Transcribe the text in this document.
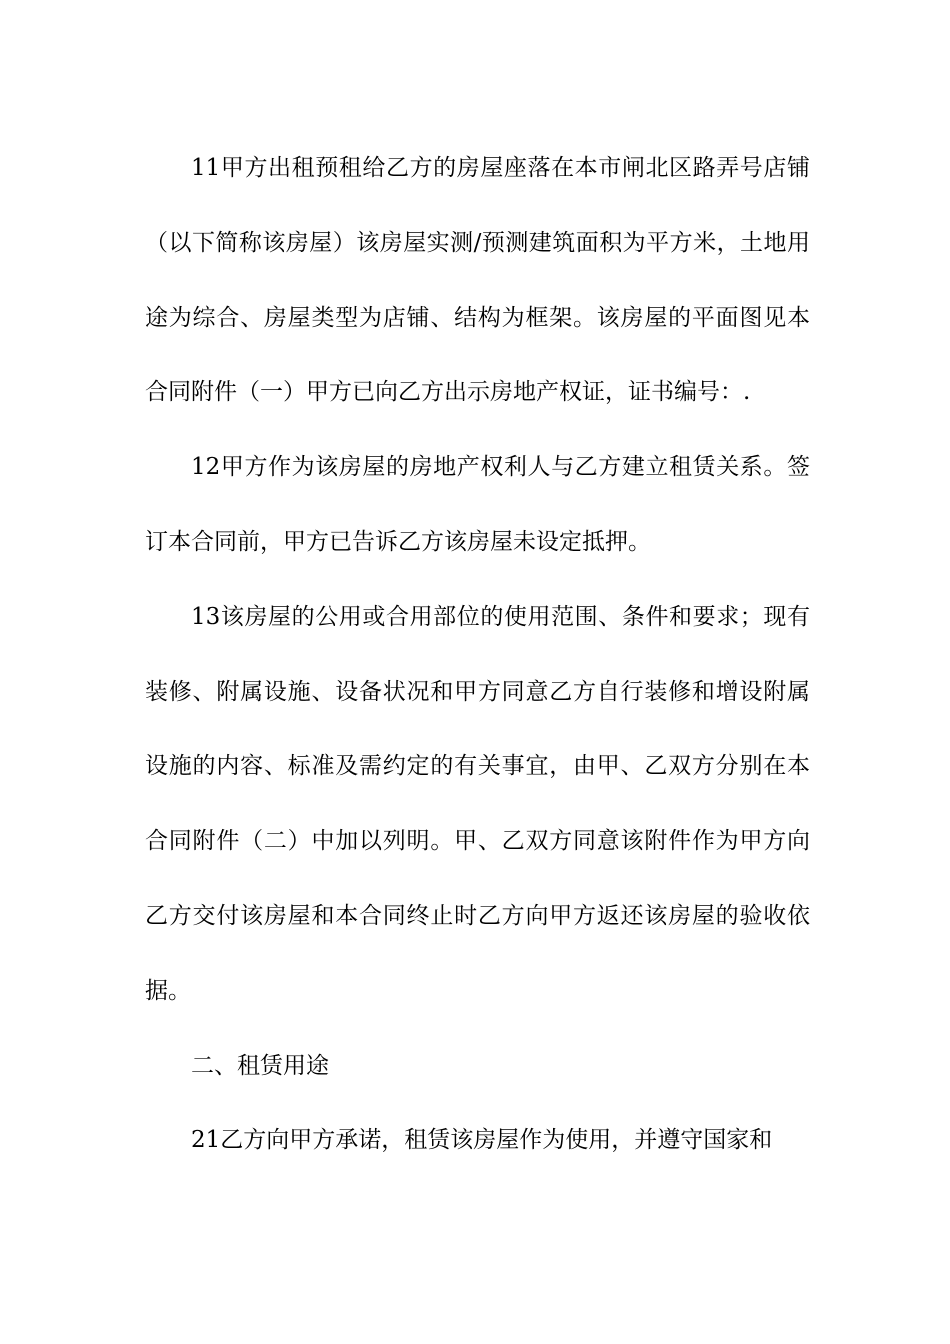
11甲方出租预租给乙方的房屋座落在本市闸北区路弄号店铺（以下简称该房屋）该房屋实测/预测建筑面积为平方米，土地用途为综合、房屋类型为店铺、结构为框架。该房屋的平面图见本合同附件（一）甲方已向乙方出示房地产权证，证书编号：.

12甲方作为该房屋的房地产权利人与乙方建立租赁关系。签订本合同前，甲方已告诉乙方该房屋未设定抵押。

13该房屋的公用或合用部位的使用范围、条件和要求；现有装修、附属设施、设备状况和甲方同意乙方自行装修和增设附属设施的内容、标准及需约定的有关事宜，由甲、乙双方分别在本合同附件（二）中加以列明。甲、乙双方同意该附件作为甲方向乙方交付该房屋和本合同终止时乙方向甲方返还该房屋的验收依据。

二、租赁用途

21乙方向甲方承诺，租赁该房屋作为使用，并遵守国家和
